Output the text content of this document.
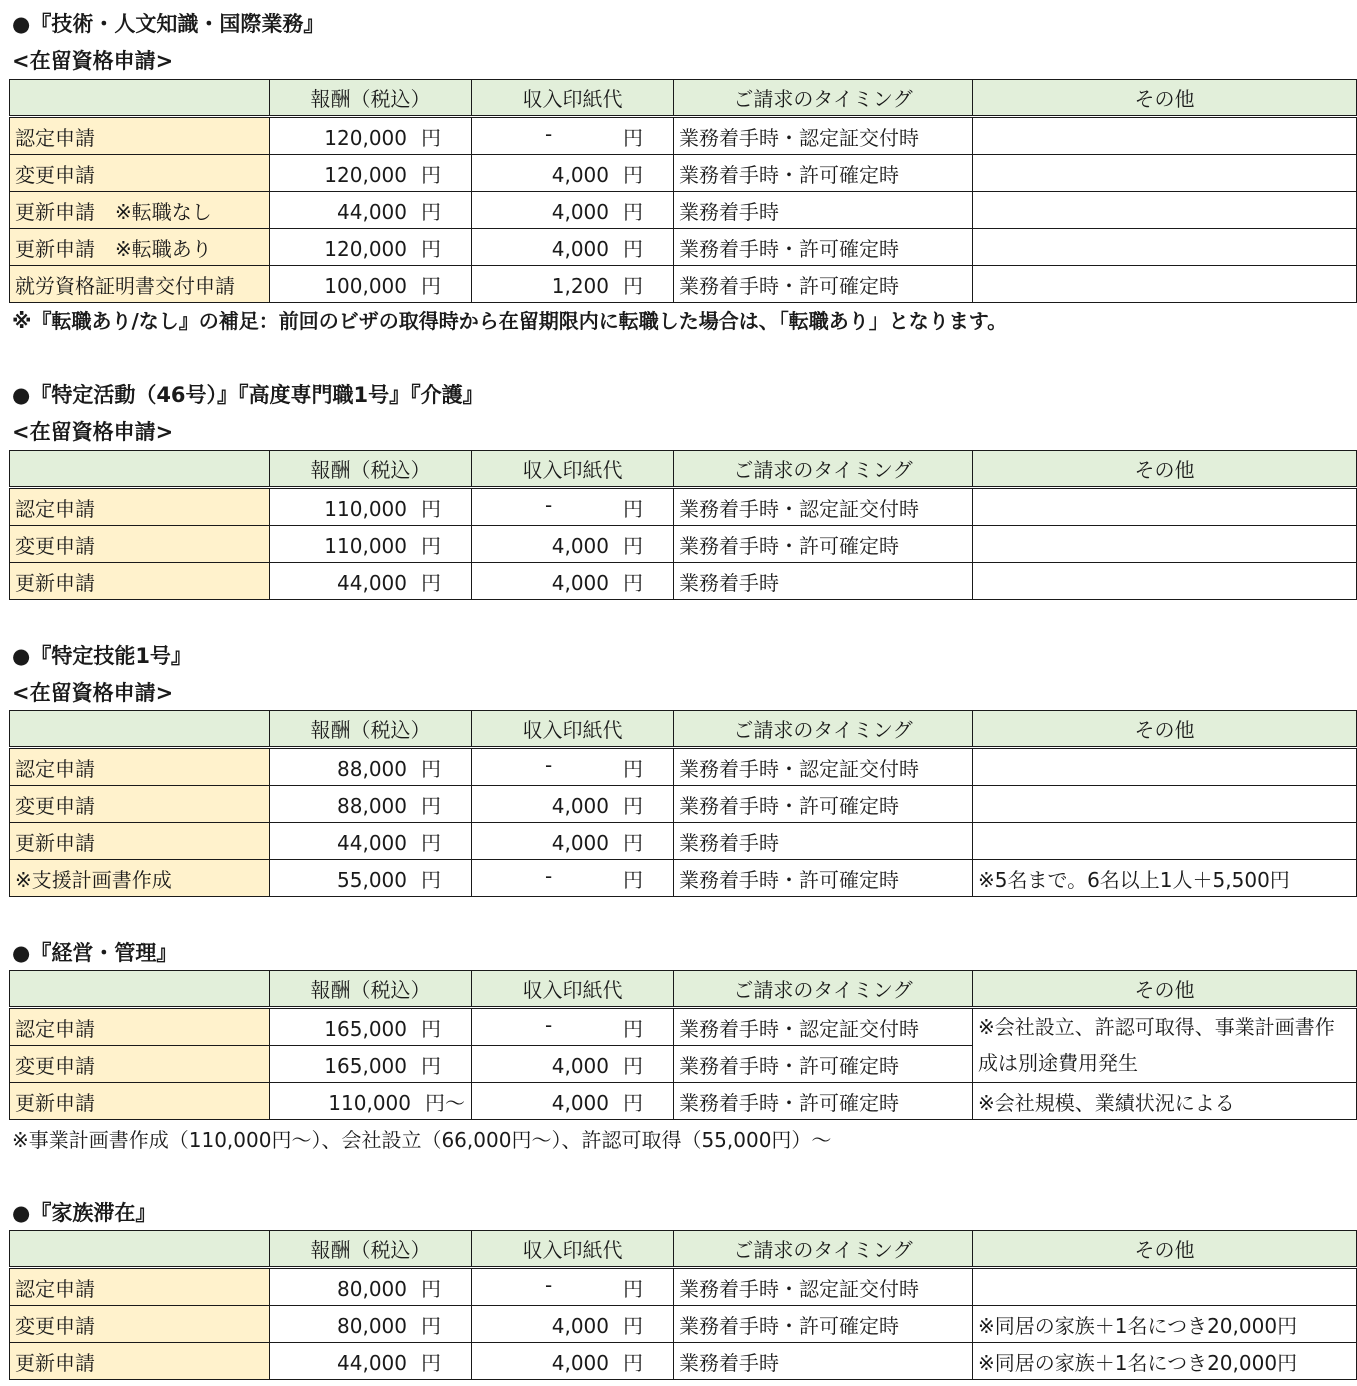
●『技術・人文知識・国際業務』
<在留資格申請>
	報酬（税込）	収入印紙代	ご請求のタイミング	その他
認定申請	120,000 円	- 円	業務着手時・認定証交付時	
変更申請	120,000 円	4,000 円	業務着手時・許可確定時	
更新申請　※転職なし	44,000 円	4,000 円	業務着手時	
更新申請　※転職あり	120,000 円	4,000 円	業務着手時・許可確定時	
就労資格証明書交付申請	100,000 円	1,200 円	業務着手時・許可確定時	
※『転職あり/なし』の補足：前回のビザの取得時から在留期限内に転職した場合は、「転職あり」となります。
●『特定活動（46号）』『高度専門職1号』『介護』
<在留資格申請>
	報酬（税込）	収入印紙代	ご請求のタイミング	その他
認定申請	110,000 円	- 円	業務着手時・認定証交付時	
変更申請	110,000 円	4,000 円	業務着手時・許可確定時	
更新申請	44,000 円	4,000 円	業務着手時	
●『特定技能1号』
<在留資格申請>
	報酬（税込）	収入印紙代	ご請求のタイミング	その他
認定申請	88,000 円	- 円	業務着手時・認定証交付時	
変更申請	88,000 円	4,000 円	業務着手時・許可確定時	
更新申請	44,000 円	4,000 円	業務着手時	
※支援計画書作成	55,000 円	- 円	業務着手時・許可確定時	※5名まで。6名以上1人＋5,500円
●『経営・管理』
	報酬（税込）	収入印紙代	ご請求のタイミング	その他
認定申請	165,000 円	- 円	業務着手時・認定証交付時	※会社設立、許認可取得、事業計画書作成は別途費用発生
変更申請	165,000 円	4,000 円	業務着手時・許可確定時	
更新申請	110,000 円～	4,000 円	業務着手時・許可確定時	※会社規模、業績状況による
※事業計画書作成（110,000円～）、会社設立（66,000円～）、許認可取得（55,000円）～
●『家族滞在』
	報酬（税込）	収入印紙代	ご請求のタイミング	その他
認定申請	80,000 円	- 円	業務着手時・認定証交付時	
変更申請	80,000 円	4,000 円	業務着手時・許可確定時	※同居の家族＋1名につき20,000円
更新申請	44,000 円	4,000 円	業務着手時	※同居の家族＋1名につき20,000円
